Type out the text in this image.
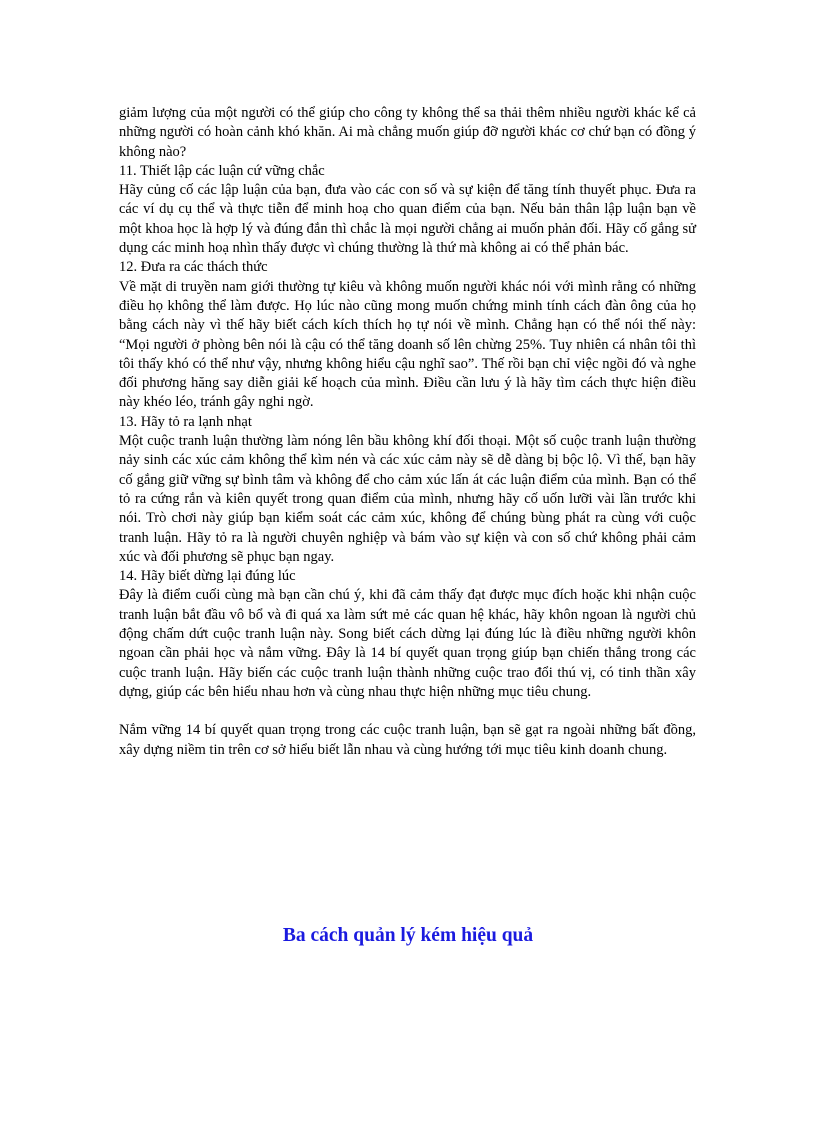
giảm lượng của một người có thể giúp cho công ty không thể sa thải thêm nhiều người khác kể cả những người có hoàn cảnh khó khăn. Ai mà chẳng muốn giúp đỡ người khác cơ chứ bạn có đồng ý không nào?

11. Thiết lập các luận cứ vững chắc

Hãy củng cố các lập luận của bạn, đưa vào các con số và sự kiện để tăng tính thuyết phục. Đưa ra các ví dụ cụ thể và thực tiễn để minh hoạ cho quan điểm của bạn. Nếu bản thân lập luận bạn về một khoa học là hợp lý và đúng đắn thì chắc là mọi người chẳng ai muốn phản đối. Hãy cố gắng sử dụng các minh hoạ nhìn thấy được vì chúng thường là thứ mà không ai có thể phản bác.

12. Đưa ra các thách thức

Về mặt di truyền nam giới thường tự kiêu và không muốn người khác nói với mình rằng có những điều họ không thể làm được. Họ lúc nào cũng mong muốn chứng minh tính cách đàn ông của họ bằng cách này vì thế hãy biết cách kích thích họ tự nói về mình. Chẳng hạn có thể nói thế này: “Mọi người ở phòng bên nói là cậu có thể tăng doanh số lên chừng 25%. Tuy nhiên cá nhân tôi thì tôi thấy khó có thể như vậy, nhưng không hiểu cậu nghĩ sao”. Thế rồi bạn chỉ việc ngồi đó và nghe đối phương hăng say diễn giải kế hoạch của mình. Điều cần lưu ý là hãy tìm cách thực hiện điều này khéo léo, tránh gây nghi ngờ.

13. Hãy tỏ ra lạnh nhạt

Một cuộc tranh luận thường làm nóng lên bầu không khí đối thoại. Một số cuộc tranh luận thường nảy sinh các xúc cảm không thể kìm nén và các xúc cảm này sẽ dễ dàng bị bộc lộ. Vì thế, bạn hãy cố gắng giữ vững sự bình tâm và không để cho cảm xúc lấn át các luận điểm của mình. Bạn có thể tỏ ra cứng rắn và kiên quyết trong quan điểm của mình, nhưng hãy cố uốn lưỡi vài lần trước khi nói. Trò chơi này giúp bạn kiểm soát các cảm xúc, không để chúng bùng phát ra cùng với cuộc tranh luận. Hãy tỏ ra là người chuyên nghiệp và bám vào sự kiện và con số chứ không phải cảm xúc và đối phương sẽ phục bạn ngay.

14. Hãy biết dừng lại đúng lúc

Đây là điểm cuối cùng mà bạn cần chú ý, khi đã cảm thấy đạt được mục đích hoặc khi nhận cuộc tranh luận bắt đầu vô bổ và đi quá xa làm sứt mẻ các quan hệ khác, hãy khôn ngoan là người chủ động chấm dứt cuộc tranh luận này. Song biết cách dừng lại đúng lúc là điều những người khôn ngoan cần phải học và nắm vững. Đây là 14 bí quyết quan trọng giúp bạn chiến thắng trong các cuộc tranh luận. Hãy biến các cuộc tranh luận thành những cuộc trao đổi thú vị, có tinh thần xây dựng, giúp các bên hiểu nhau hơn và cùng nhau thực hiện những mục tiêu chung.

Nắm vững 14 bí quyết quan trọng trong các cuộc tranh luận, bạn sẽ gạt ra ngoài những bất đồng, xây dựng niềm tin trên cơ sở hiểu biết lẫn nhau và cùng hướng tới mục tiêu kinh doanh chung.

Ba cách quản lý kém hiệu quả
